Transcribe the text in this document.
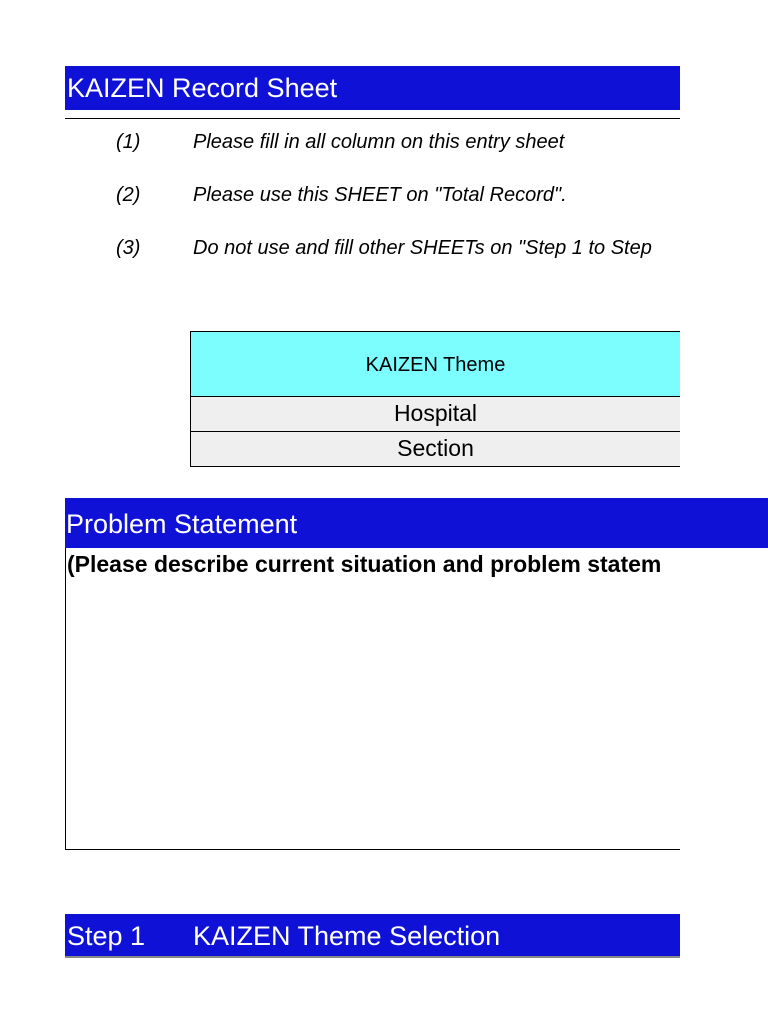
KAIZEN Record Sheet
(1)	Please fill in all column on this entry sheet
(2)	Please use this SHEET on "Total Record".
(3)	Do not use and fill other SHEETs on "Step 1 to Step
KAIZEN Theme
Hospital
Section
(Please describe current situation and problem statem
Step 1 KAIZEN Theme Selection
Problem Statement
